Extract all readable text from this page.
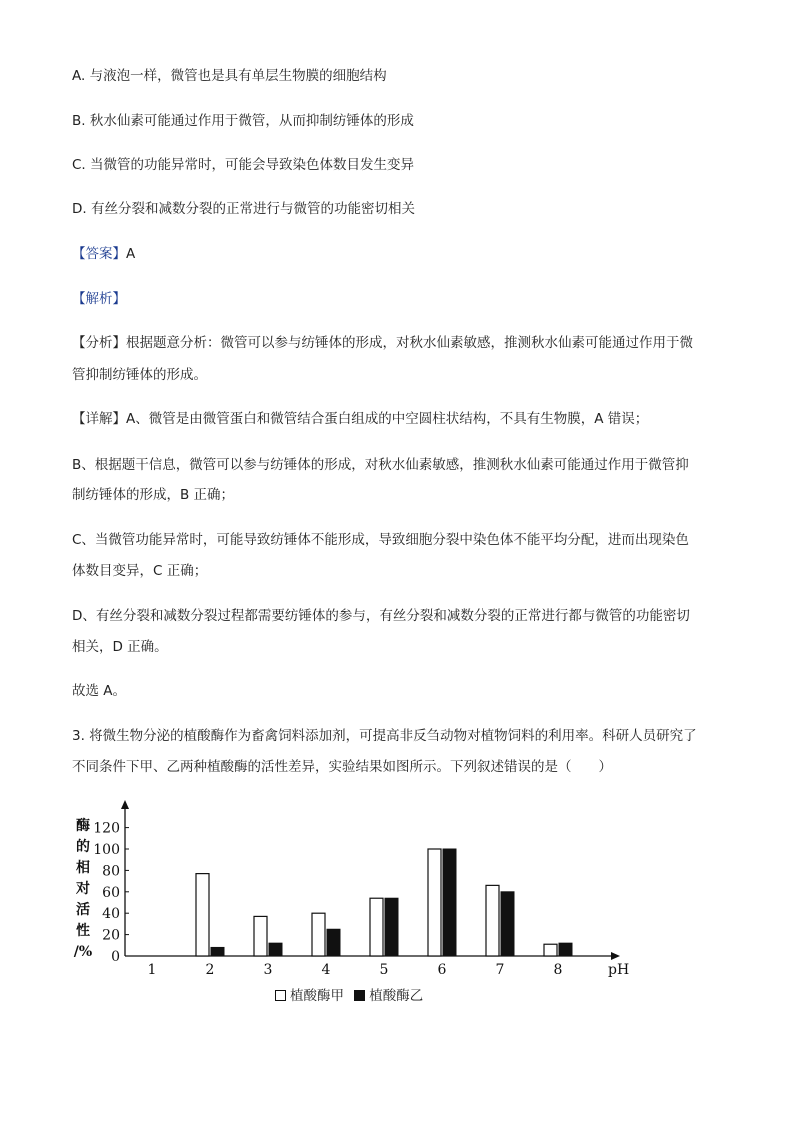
A. 与液泡一样，微管也是具有单层生物膜的细胞结构
B. 秋水仙素可能通过作用于微管，从而抑制纺锤体的形成
C. 当微管的功能异常时，可能会导致染色体数目发生变异
D. 有丝分裂和减数分裂的正常进行与微管的功能密切相关
【答案】A
【解析】
【分析】根据题意分析：微管可以参与纺锤体的形成，对秋水仙素敏感，推测秋水仙素可能通过作用于微
管抑制纺锤体的形成。
【详解】A、微管是由微管蛋白和微管结合蛋白组成的中空圆柱状结构，不具有生物膜，A 错误；
B、根据题干信息，微管可以参与纺锤体的形成，对秋水仙素敏感，推测秋水仙素可能通过作用于微管抑
制纺锤体的形成，B 正确；
C、当微管功能异常时，可能导致纺锤体不能形成，导致细胞分裂中染色体不能平均分配，进而出现染色
体数目变异，C 正确；
D、有丝分裂和减数分裂过程都需要纺锤体的参与，有丝分裂和减数分裂的正常进行都与微管的功能密切
相关，D 正确。
故选 A。
3. 将微生物分泌的植酸酶作为畜禽饲料添加剂，可提高非反刍动物对植物饲料的利用率。科研人员研究了
不同条件下甲、乙两种植酸酶的活性差异，实验结果如图所示。下列叙述错误的是（　　）
0
20
40
60
80
100
120
酶
的
相
对
活
性
/%
1	2	3	4	5	6	7	8	pH
植酸酶甲 植酸酶乙
